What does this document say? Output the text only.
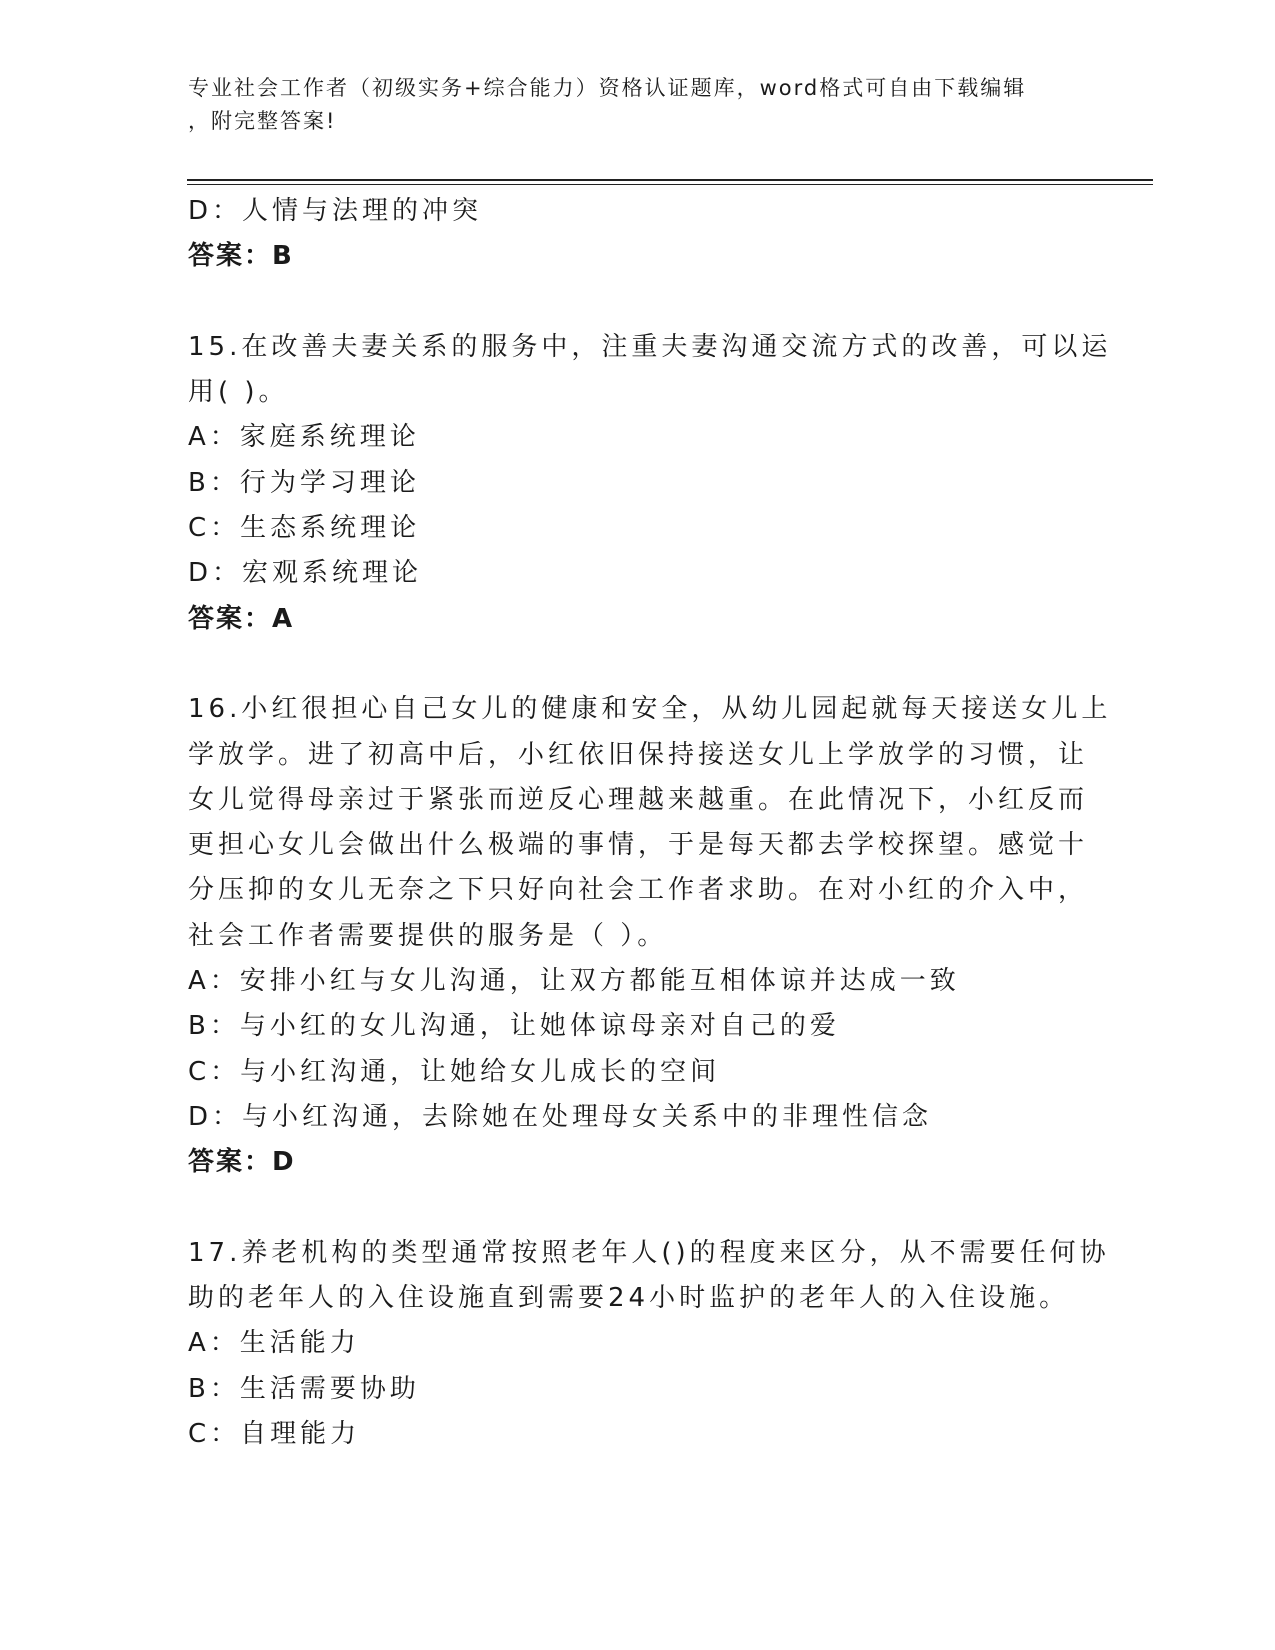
专业社会工作者（初级实务+综合能力）资格认证题库，word格式可自由下载编辑
，附完整答案!
D：人情与法理的冲突
答案：B
15.在改善夫妻关系的服务中，注重夫妻沟通交流方式的改善，可以运
用( )。
A：家庭系统理论
B：行为学习理论
C：生态系统理论
D：宏观系统理论
答案：A
16.小红很担心自己女儿的健康和安全，从幼儿园起就每天接送女儿上
学放学。进了初高中后，小红依旧保持接送女儿上学放学的习惯，让
女儿觉得母亲过于紧张而逆反心理越来越重。在此情况下，小红反而
更担心女儿会做出什么极端的事情，于是每天都去学校探望。感觉十
分压抑的女儿无奈之下只好向社会工作者求助。在对小红的介入中，
社会工作者需要提供的服务是（ ）。
A：安排小红与女儿沟通，让双方都能互相体谅并达成一致
B：与小红的女儿沟通，让她体谅母亲对自己的爱
C：与小红沟通，让她给女儿成长的空间
D：与小红沟通，去除她在处理母女关系中的非理性信念
答案：D
17.养老机构的类型通常按照老年人()的程度来区分，从不需要任何协
助的老年人的入住设施直到需要24小时监护的老年人的入住设施。
A：生活能力
B：生活需要协助
C：自理能力
